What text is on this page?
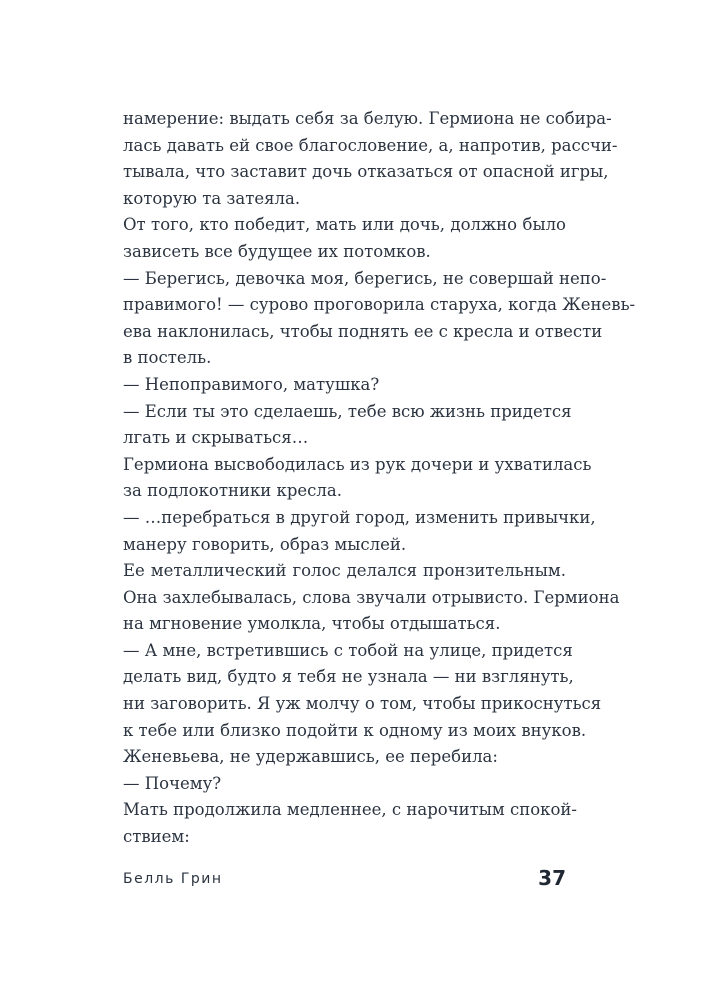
намерение: выдать себя за белую. Гермиона не собира-
лась давать ей свое благословение, а, напротив, рассчи-
тывала, что заставит дочь отказаться от опасной игры,
которую та затеяла.
От того, кто победит, мать или дочь, должно было
зависеть все будущее их потомков.
— Берегись, девочка моя, берегись, не совершай непо-
правимого! — сурово проговорила старуха, когда Женевь-
ева наклонилась, чтобы поднять ее с кресла и отвести
в постель.
— Непоправимого, матушка?
— Если ты это сделаешь, тебе всю жизнь придется
лгать и скрываться…
Гермиона высвободилась из рук дочери и ухватилась
за подлокотники кресла.
— …перебраться в другой город, изменить привычки,
манеру говорить, образ мыслей.
Ее металлический голос делался пронзительным.
Она захлебывалась, слова звучали отрывисто. Гермиона
на мгновение умолкла, чтобы отдышаться.
— А мне, встретившись с тобой на улице, придется
делать вид, будто я тебя не узнала — ни взглянуть,
ни заговорить. Я уж молчу о том, чтобы прикоснуться
к тебе или близко подойти к одному из моих внуков.
Женевьева, не удержавшись, ее перебила:
— Почему?
Мать продолжила медленнее, с нарочитым спокой-
ствием:
Белль Грин	37
